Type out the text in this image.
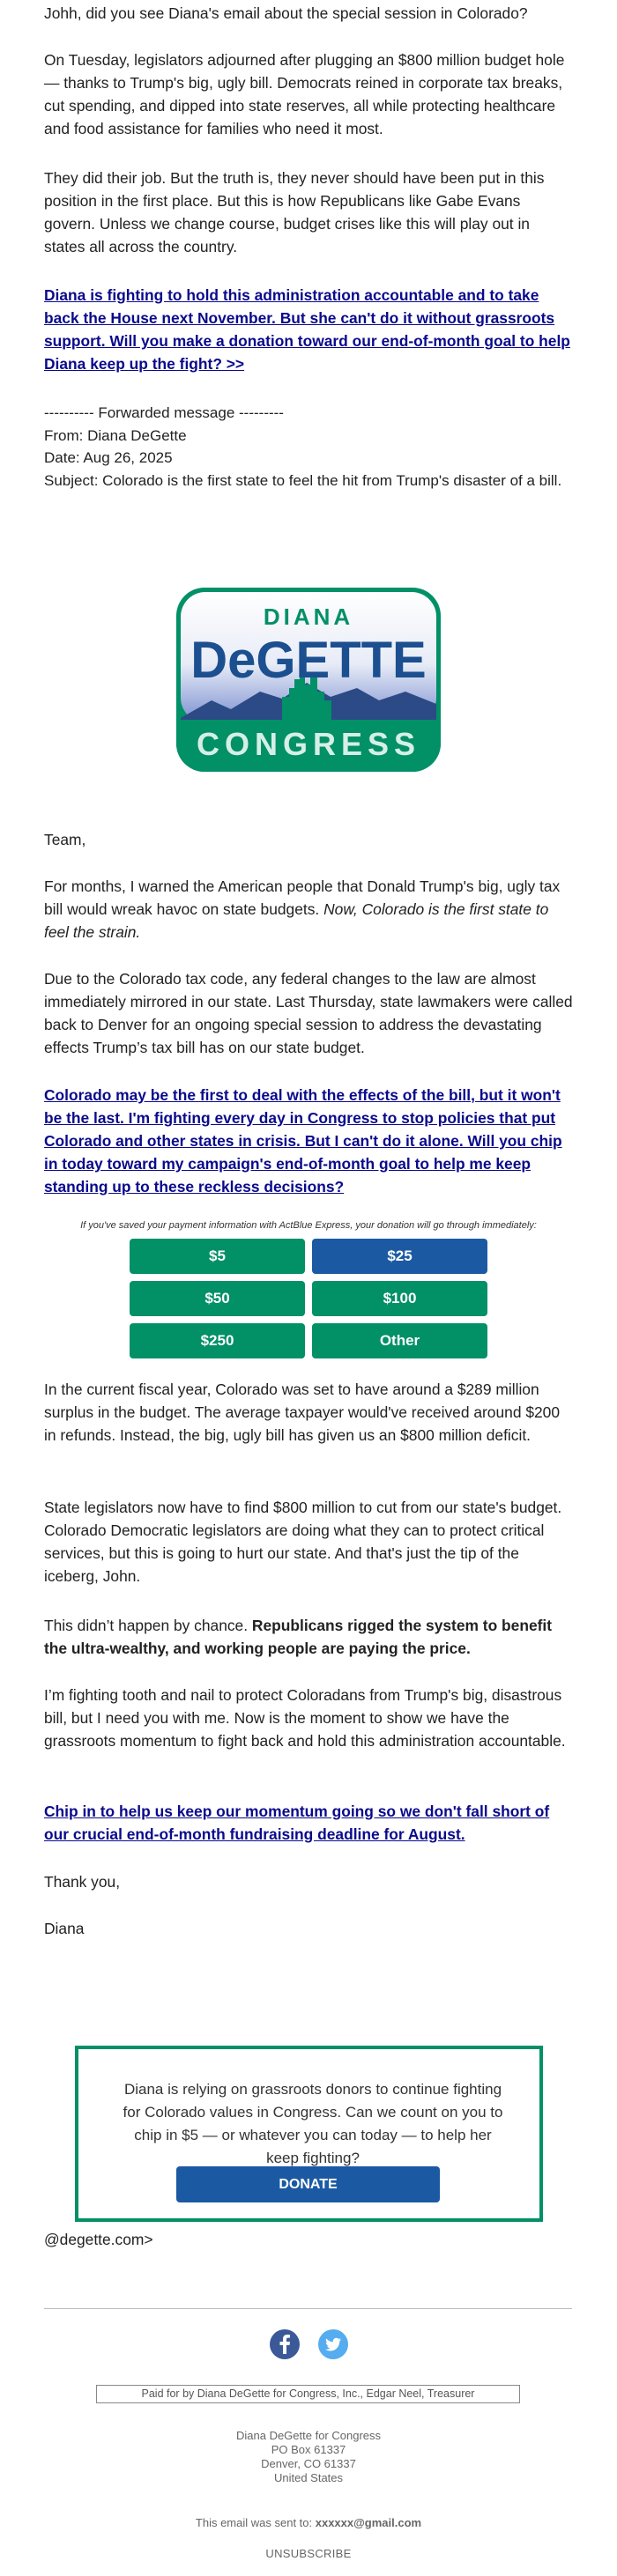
Johh, did you see Diana's email about the special session in Colorado?

On Tuesday, legislators adjourned after plugging an $800 million budget hole — thanks to Trump's big, ugly bill. Democrats reined in corporate tax breaks, cut spending, and dipped into state reserves, all while protecting healthcare and food assistance for families who need it most.

They did their job. But the truth is, they never should have been put in this position in the first place. But this is how Republicans like Gabe Evans govern. Unless we change course, budget crises like this will play out in states all across the country.

Diana is fighting to hold this administration accountable and to take back the House next November. But she can't do it without grassroots support. Will you make a donation toward our end-of-month goal to help Diana keep up the fight? >>
---------- Forwarded message ---------
From: Diana DeGette
Date: Aug 26, 2025
Subject: Colorado is the first state to feel the hit from Trump's disaster of a bill.
DIANA
DeGETTE
CONGRESS

Team,

For months, I warned the American people that Donald Trump's big, ugly tax bill would wreak havoc on state budgets. Now, Colorado is the first state to feel the strain.

Due to the Colorado tax code, any federal changes to the law are almost immediately mirrored in our state. Last Thursday, state lawmakers were called back to Denver for an ongoing special session to address the devastating effects Trump’s tax bill has on our state budget.

Colorado may be the first to deal with the effects of the bill, but it won't be the last. I'm fighting every day in Congress to stop policies that put Colorado and other states in crisis. But I can't do it alone. Will you chip in today toward my campaign's end-of-month goal to help me keep standing up to these reckless decisions?
If you've saved your payment information with ActBlue Express, your donation will go through immediately:
$5	$25
$50	$100
$250	Other

In the current fiscal year, Colorado was set to have around a $289 million surplus in the budget. The average taxpayer would've received around $200 in refunds. Instead, the big, ugly bill has given us an $800 million deficit.

State legislators now have to find $800 million to cut from our state's budget. Colorado Democratic legislators are doing what they can to protect critical services, but this is going to hurt our state. And that's just the tip of the iceberg, John.

This didn’t happen by chance. Republicans rigged the system to benefit the ultra-wealthy, and working people are paying the price.

I’m fighting tooth and nail to protect Coloradans from Trump's big, disastrous bill, but I need you with me. Now is the moment to show we have the grassroots momentum to fight back and hold this administration accountable.

Chip in to help us keep our momentum going so we don't fall short of our crucial end-of-month fundraising deadline for August.

Thank you,

Diana

Diana is relying on grassroots donors to continue fighting for Colorado values in Congress. Can we count on you to chip in $5 — or whatever you can today — to help her keep fighting?

DONATE

@degette.com>

Paid for by Diana DeGette for Congress, Inc., Edgar Neel, Treasurer
Diana DeGette for Congress
PO Box 61337
Denver, CO 61337
United States
This email was sent to: xxxxxx@gmail.com
UNSUBSCRIBE
